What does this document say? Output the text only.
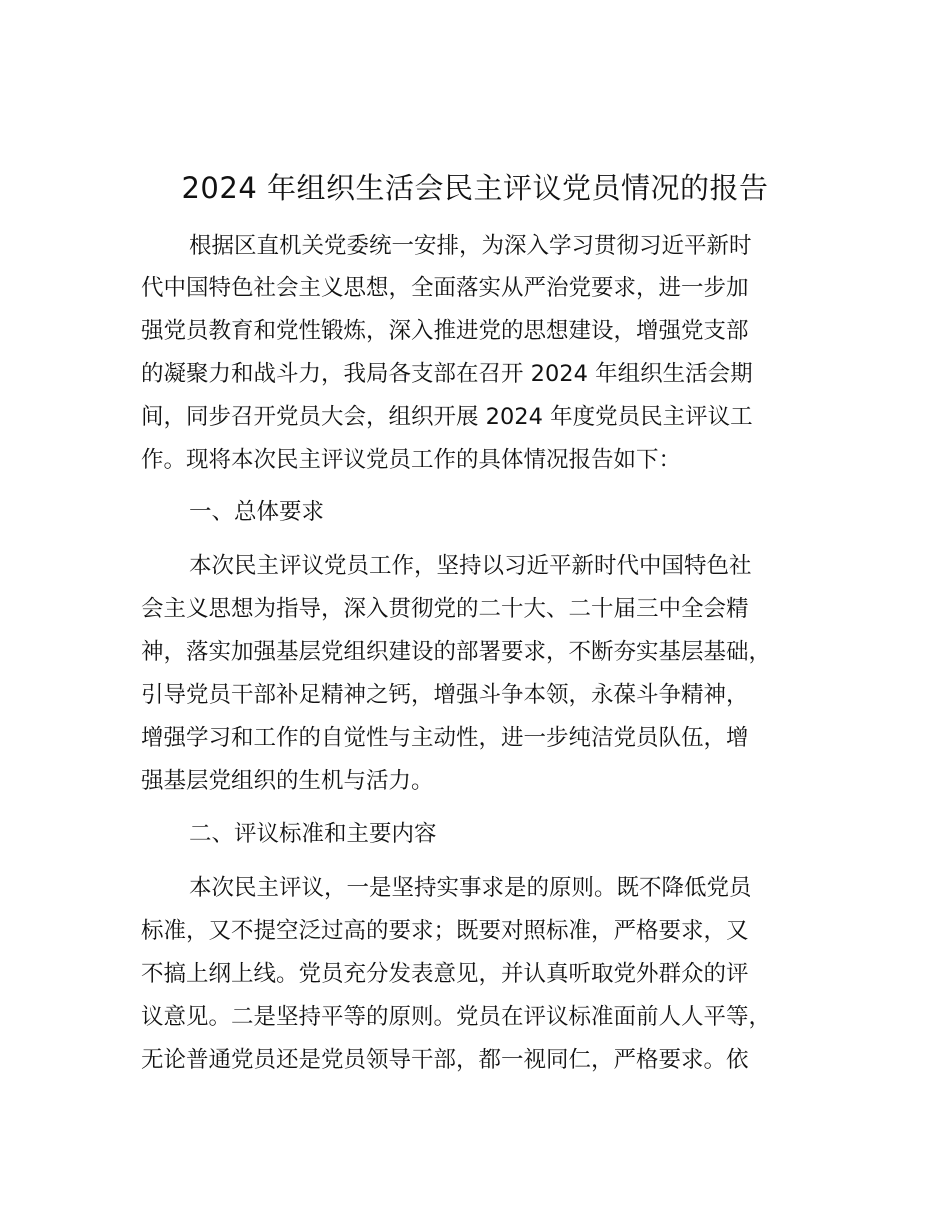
2024 年组织生活会民主评议党员情况的报告
根据区直机关党委统一安排，为深入学习贯彻习近平新时
代中国特色社会主义思想，全面落实从严治党要求，进一步加
强党员教育和党性锻炼，深入推进党的思想建设，增强党支部
的凝聚力和战斗力，我局各支部在召开 2024 年组织生活会期
间，同步召开党员大会，组织开展 2024 年度党员民主评议工
作。现将本次民主评议党员工作的具体情况报告如下：
一、总体要求
本次民主评议党员工作，坚持以习近平新时代中国特色社
会主义思想为指导，深入贯彻党的二十大、二十届三中全会精
神，落实加强基层党组织建设的部署要求，不断夯实基层基础，
引导党员干部补足精神之钙，增强斗争本领，永葆斗争精神，
增强学习和工作的自觉性与主动性，进一步纯洁党员队伍，增
强基层党组织的生机与活力。
二、评议标准和主要内容
本次民主评议，一是坚持实事求是的原则。既不降低党员
标准，又不提空泛过高的要求；既要对照标准，严格要求，又
不搞上纲上线。党员充分发表意见，并认真听取党外群众的评
议意见。二是坚持平等的原则。党员在评议标准面前人人平等，
无论普通党员还是党员领导干部，都一视同仁，严格要求。依
